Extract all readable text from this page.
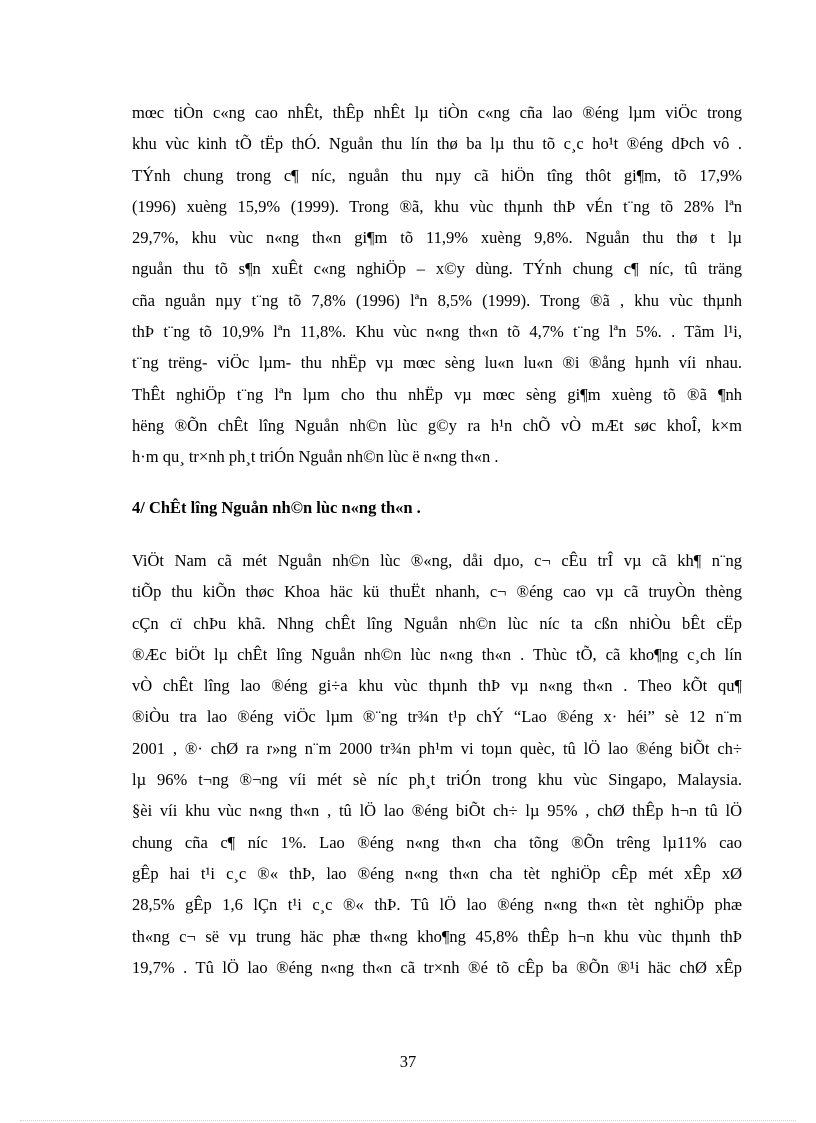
mœc tiÒn c«ng cao nhÊt, thÊp nhÊt lµ tiÒn c«ng cña lao ®éng lµm viÖc trong
khu vùc kinh tÕ tËp thÓ. Nguån thu lín thø ba lµ thu tõ c¸c ho¹t ®éng dÞch vô .
TÝnh chung trong c¶ níc, nguån thu nµy cã hiÖn tîng thôt gi¶m, tõ 17,9%
(1996) xuèng 15,9% (1999). Trong ®ã, khu vùc thµnh thÞ vÉn t¨ng tõ 28% lªn
29,7%, khu vùc n«ng th«n gi¶m tõ 11,9% xuèng 9,8%. Nguån thu thø t lµ
nguån thu tõ s¶n xuÊt c«ng nghiÖp – x©y dùng. TÝnh chung c¶ níc, tû träng
cña nguån nµy t¨ng tõ 7,8% (1996) lªn 8,5% (1999). Trong ®ã , khu vùc thµnh
thÞ t¨ng tõ 10,9% lªn 11,8%. Khu vùc n«ng th«n tõ 4,7% t¨ng lªn 5%. . Tãm l¹i,
t¨ng trëng- viÖc lµm- thu nhËp vµ mœc sèng lu«n lu«n ®i ®ång hµnh víi nhau.
ThÊt nghiÖp t¨ng lªn lµm cho thu nhËp vµ mœc sèng gi¶m xuèng tõ ®ã ¶nh
hëng ®Õn chÊt lîng Nguån nh©n lùc g©y ra h¹n chÕ vÒ mÆt søc khoÎ, k×m
h·m qu¸ tr×nh ph¸t triÓn Nguån nh©n lùc ë n«ng th«n .
4/ ChÊt lîng Nguån nh©n lùc n«ng th«n .
ViÖt Nam cã mét Nguån nh©n lùc ®«ng, dåi dµo, c¬ cÊu trÎ vµ cã kh¶ n¨ng
tiÕp thu kiÕn thøc Khoa häc kü thuËt nhanh, c¬ ®éng cao vµ cã truyÒn thèng
cÇn cï chÞu khã. Nhng chÊt lîng Nguån nh©n lùc níc ta cßn nhiÒu bÊt cËp
®Æc biÖt lµ chÊt lîng Nguån nh©n lùc n«ng th«n . Thùc tÕ, cã kho¶ng c¸ch lín
vÒ chÊt lîng lao ®éng gi÷a khu vùc thµnh thÞ vµ n«ng th«n . Theo kÕt qu¶
®iÒu tra lao ®éng viÖc lµm ®¨ng tr¾n t¹p chÝ “Lao ®éng x· héi” sè 12 n¨m
2001 , ®· chØ ra r»ng n¨m 2000 tr¾n ph¹m vi toµn quèc, tû lÖ lao ®éng biÕt ch÷
lµ 96% t¬ng ®¬ng víi mét sè níc ph¸t triÓn trong khu vùc Singapo, Malaysia.
§èi víi khu vùc n«ng th«n , tû lÖ lao ®éng biÕt ch÷ lµ 95% , chØ thÊp h¬n tû lÖ
chung cña c¶ níc 1%. Lao ®éng n«ng th«n cha tõng ®Õn trêng lµ11% cao
gÊp hai t¹i c¸c ®« thÞ, lao ®éng n«ng th«n cha tèt nghiÖp cÊp mét xÊp xØ
28,5% gÊp 1,6 lÇn t¹i c¸c ®« thÞ. Tû lÖ lao ®éng n«ng th«n tèt nghiÖp phæ
th«ng c¬ së vµ trung häc phæ th«ng kho¶ng 45,8% thÊp h¬n khu vùc thµnh thÞ
19,7% . Tû lÖ lao ®éng n«ng th«n cã tr×nh ®é tõ cÊp ba ®Õn ®¹i häc chØ xÊp
37
